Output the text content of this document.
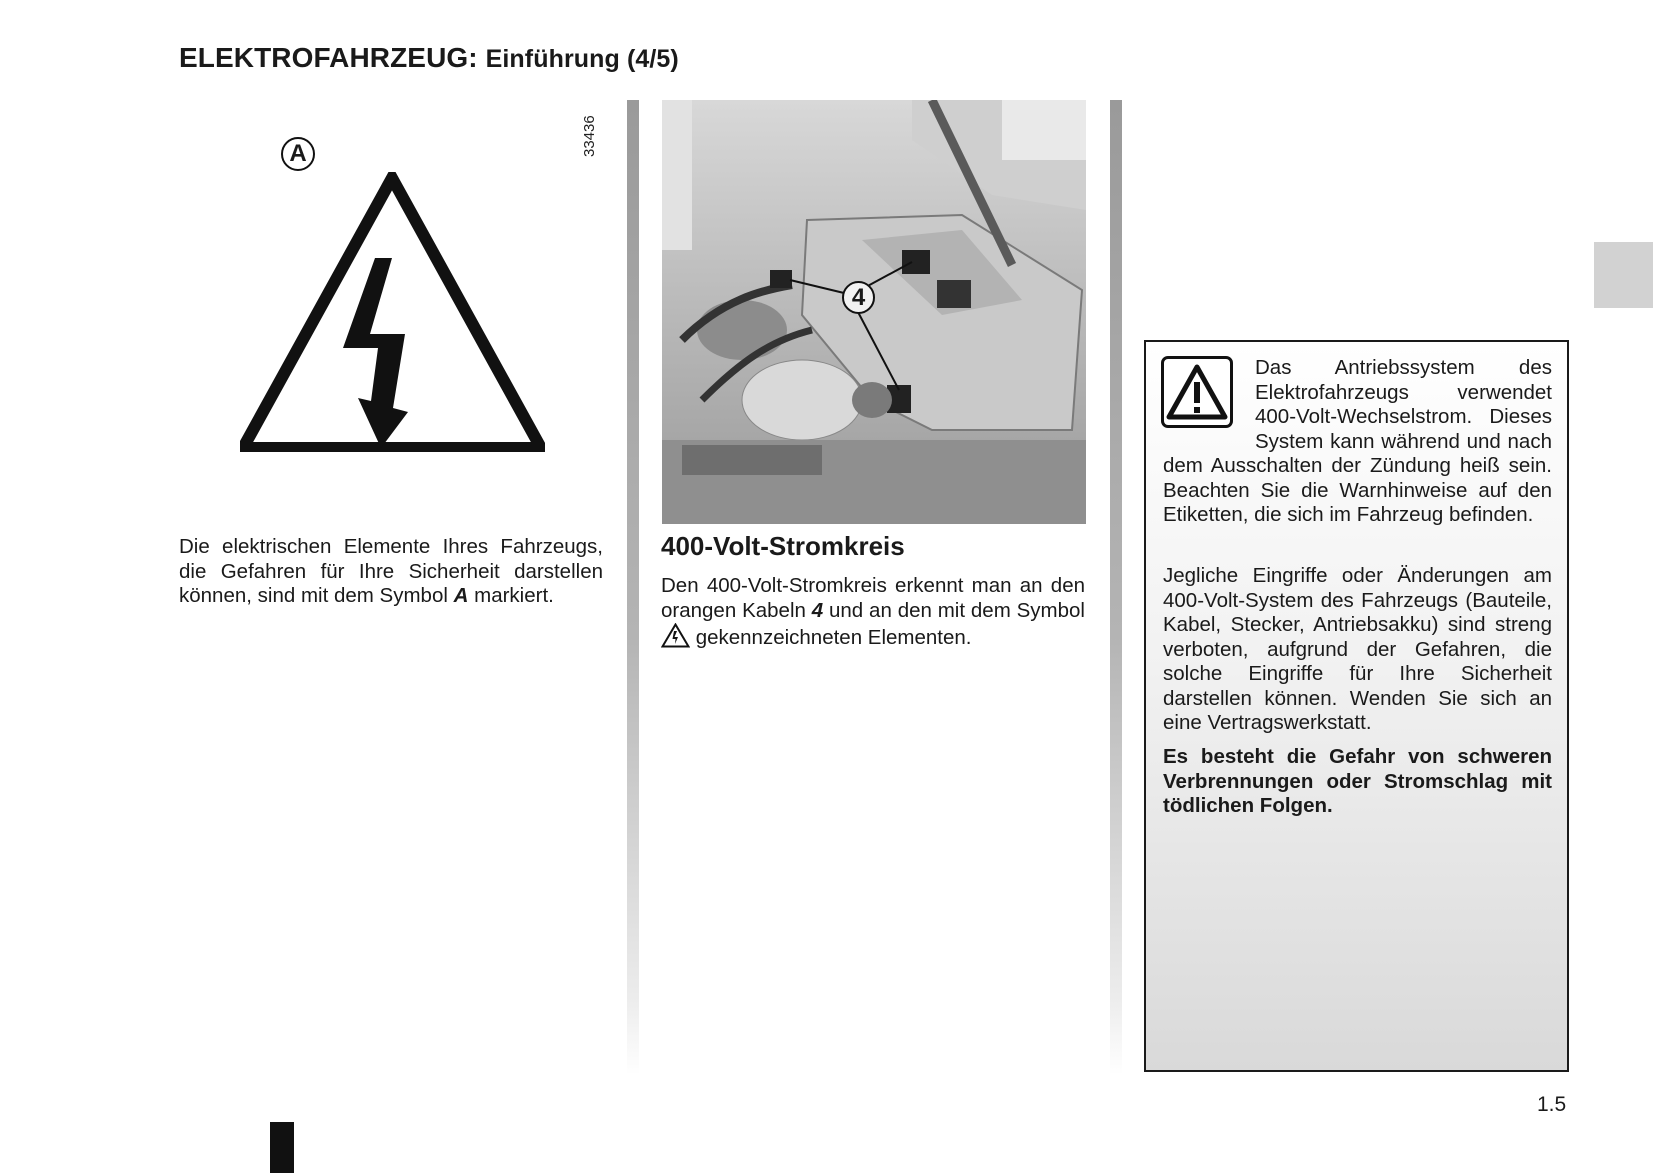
ELEKTROFAHRZEUG: Einführung (4/5)
33436
A

Die elektrischen Elemente Ihres Fahrzeugs, die Gefahren für Ihre Sicherheit darstellen können, sind mit dem Symbol A markiert.

4
400-Volt-Stromkreis

Den 400-Volt-Stromkreis erkennt man an den orangen Kabeln 4 und an den mit dem Symbol  gekennzeichneten Elementen.

Das Antriebssystem des Elektrofahrzeugs verwendet 400-Volt-Wechselstrom. Dieses System kann während und nach dem Ausschalten der Zündung heiß sein. Beachten Sie die Warnhinweise auf den Etiketten, die sich im Fahrzeug befinden.

Jegliche Eingriffe oder Änderungen am 400-Volt-System des Fahrzeugs (Bauteile, Kabel, Stecker, Antriebsakku) sind streng verboten, aufgrund der Gefahren, die solche Eingriffe für Ihre Sicherheit darstellen können. Wenden Sie sich an eine Vertragswerkstatt.

Es besteht die Gefahr von schweren Verbrennungen oder Stromschlag mit tödlichen Folgen.

1.5
